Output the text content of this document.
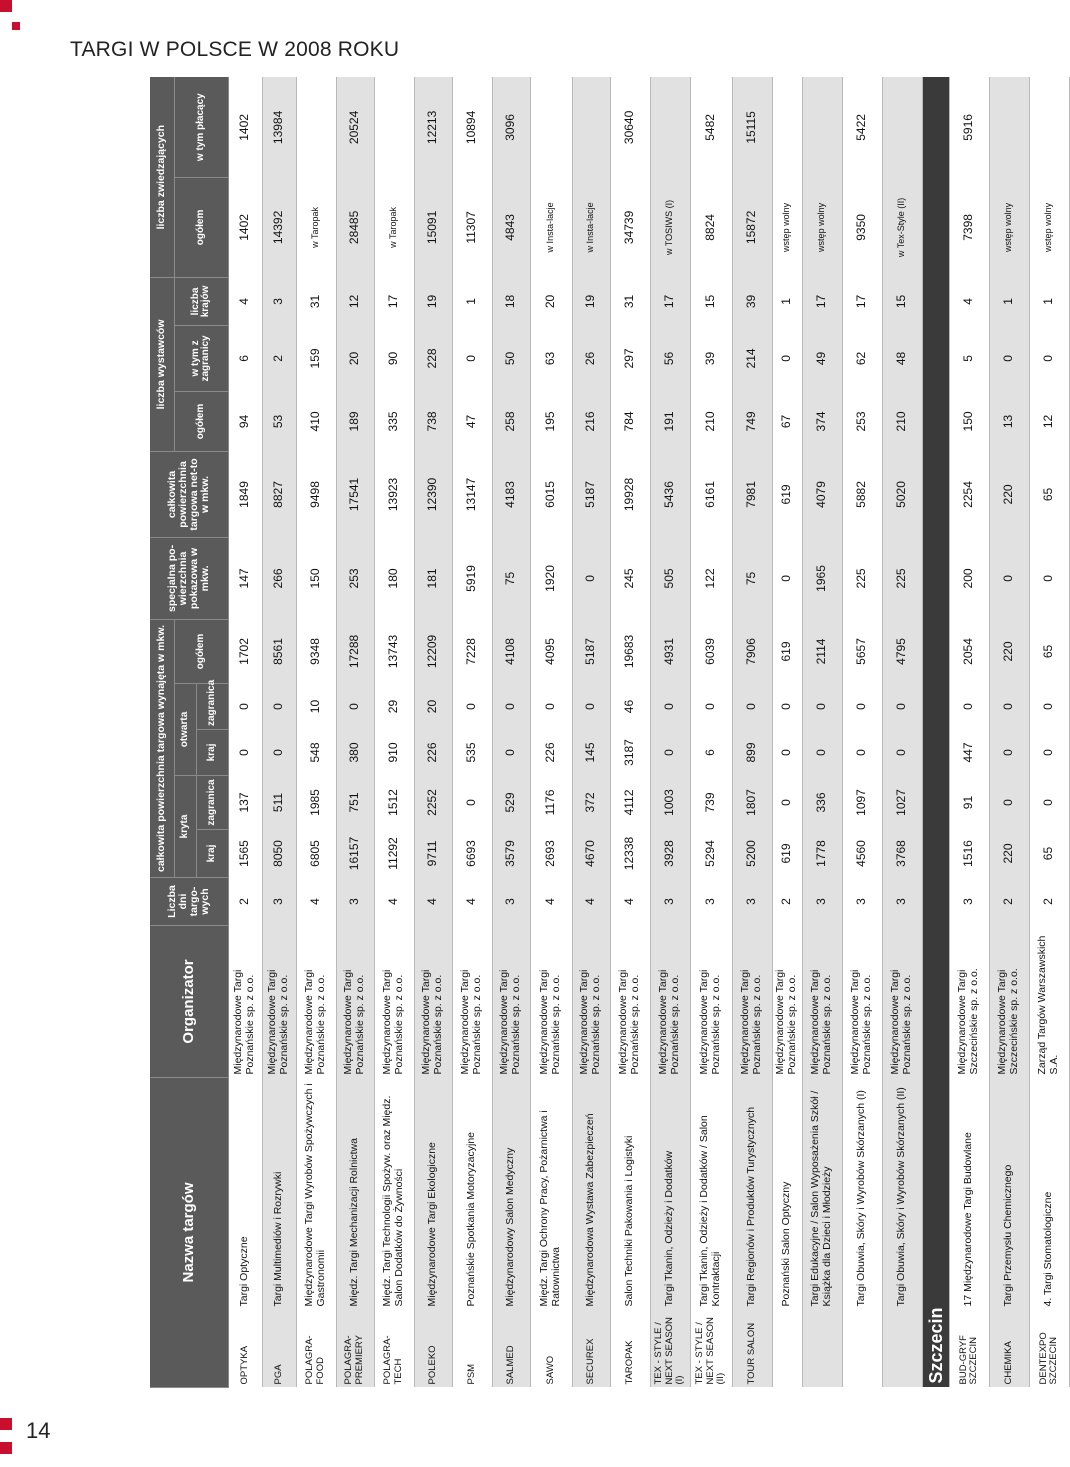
TARGI W POLSCE W 2008 ROKU
14
Nazwa targów		Organizator	Liczba dni targo-wych	całkowita powierzchnia targowa wynajęta w mkw.					specjalna po-wierzchnia pokazowa w mkw.	całkowita powierzchnia targowa net-to w mkw.	liczba wystawców			liczba zwiedzających	
				kryta		otwarta		ogółem			ogółem	w tym z zagranicy	liczba krajów	ogółem	w tym płacący
				kraj	zagranica	kraj	zagranica								

OPTYKA	Targi Optyczne	Międzynarodowe Targi Poznańskie sp. z o.o.	2	1565	137	0	0	1702	147	1849	94	6	4	1402	1402
PGA	Targi Multimediów i Rozrywki	Międzynarodowe Targi Poznańskie sp. z o.o.	3	8050	511	0	0	8561	266	8827	53	2	3	14392	13984
POLAGRA-FOOD	Międzynarodowe Targi Wyrobów Spożywczych i Gastronomii	Międzynarodowe Targi Poznańskie sp. z o.o.	4	6805	1985	548	10	9348	150	9498	410	159	31	w Taropak	
POLAGRA-PREMIERY	Międz. Targi Mechanizacji Rolnictwa	Międzynarodowe Targi Poznańskie sp. z o.o.	3	16157	751	380	0	17288	253	17541	189	20	12	28485	20524
POLAGRA-TECH	Międz. Targi Technologii Spożyw. oraz Międz. Salon Dodatków do Żywności	Międzynarodowe Targi Poznańskie sp. z o.o.	4	11292	1512	910	29	13743	180	13923	335	90	17	w Taropak	
POLEKO	Międzynarodowe Targi Ekologiczne	Międzynarodowe Targi Poznańskie sp. z o.o.	4	9711	2252	226	20	12209	181	12390	738	228	19	15091	12213
PSM	Poznańskie Spotkania Motoryzacyjne	Międzynarodowe Targi Poznańskie sp. z o.o.	4	6693	0	535	0	7228	5919	13147	47	0	1	11307	10894
SALMED	Międzynarodowy Salon Medyczny	Międzynarodowe Targi Poznańskie sp. z o.o.	3	3579	529	0	0	4108	75	4183	258	50	18	4843	3096
SAWO	Międz. Targi Ochrony Pracy, Pożarnictwa i Ratownictwa	Międzynarodowe Targi Poznańskie sp. z o.o.	4	2693	1176	226	0	4095	1920	6015	195	63	20	w Insta-lacje	
SECUREX	Międzynarodowa Wystawa Zabezpieczeń	Międzynarodowe Targi Poznańskie sp. z o.o.	4	4670	372	145	0	5187	0	5187	216	26	19	w Insta-lacje	
TAROPAK	Salon Techniki Pakowania i Logistyki	Międzynarodowe Targi Poznańskie sp. z o.o.	4	12338	4112	3187	46	19683	245	19928	784	297	31	34739	30640
TEX - STYLE / NEXT SEASON (I)	Targi Tkanin, Odzieży i Dodatków	Międzynarodowe Targi Poznańskie sp. z o.o.	3	3928	1003	0	0	4931	505	5436	191	56	17	w TOSIWS (I)	
TEX - STYLE / NEXT SEASON (II)	Targi Tkanin, Odzieży i Dodatków / Salon Kontraktacji	Międzynarodowe Targi Poznańskie sp. z o.o.	3	5294	739	6	0	6039	122	6161	210	39	15	8824	5482
TOUR SALON	Targi Regionów i Produktów Turystycznych	Międzynarodowe Targi Poznańskie sp. z o.o.	3	5200	1807	899	0	7906	75	7981	749	214	39	15872	15115
	Poznański Salon Optyczny	Międzynarodowe Targi Poznańskie sp. z o.o.	2	619	0	0	0	619	0	619	67	0	1	wstęp wolny	
	Targi Edukacyjne / Salon Wyposażenia Szkół / Książka dla Dzieci i Młodzieży	Międzynarodowe Targi Poznańskie sp. z o.o.	3	1778	336	0	0	2114	1965	4079	374	49	17	wstęp wolny	
	Targi Obuwia, Skóry i Wyrobów Skórzanych (I)	Międzynarodowe Targi Poznańskie sp. z o.o.	3	4560	1097	0	0	5657	225	5882	253	62	17	9350	5422
	Targi Obuwia, Skóry i Wyrobów Skórzanych (II)	Międzynarodowe Targi Poznańskie sp. z o.o.	3	3768	1027	0	0	4795	225	5020	210	48	15	w Tex-Style (II)	
Szczecin															
BUD-GRYF SZCZECIN	17 Międzynarodowe Targi Budowlane	Międzynarodowe Targi Szczecińskie sp. z o.o.	3	1516	91	447	0	2054	200	2254	150	5	4	7398	5916
CHEMIKA	Targi Przemysłu Chemicznego	Międzynarodowe Targi Szczecińskie sp. z o.o.	2	220	0	0	0	220	0	220	13	0	1	wstęp wolny	
DENTEXPO SZCZECIN	4. Targi Stomatologiczne	Zarząd Targów Warszawskich S.A.	2	65	0	0	0	65	0	65	12	0	1	wstęp wolny	
